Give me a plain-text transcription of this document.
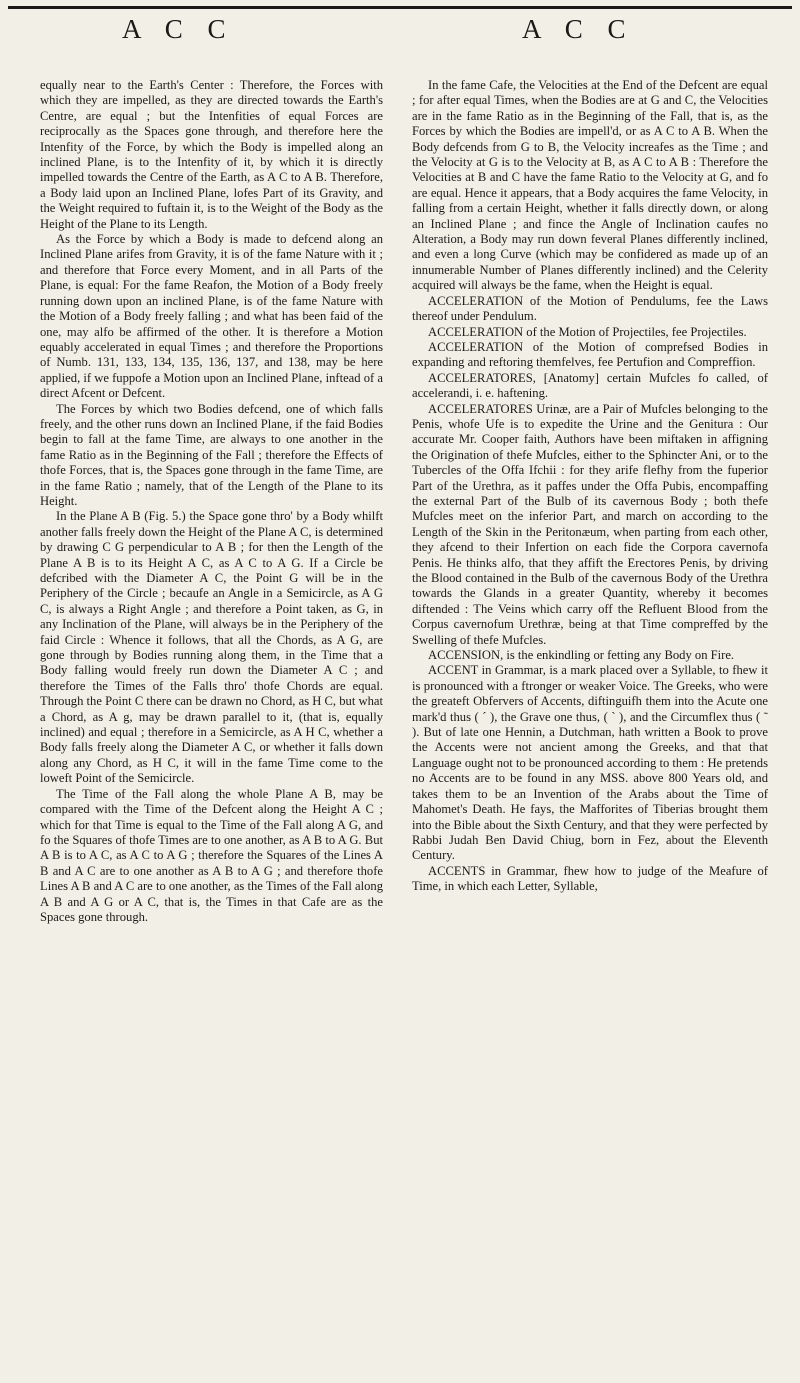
A C C	A C C

equally near to the Earth's Center : Therefore, the Forces with which they are impelled, as they are directed towards the Earth's Centre, are equal ; but the Intenfities of equal Forces are reciprocally as the Spaces gone through, and therefore here the Intenfity of the Force, by which the Body is impelled along an inclined Plane, is to the Intenfity of it, by which it is directly impelled towards the Centre of the Earth, as A C to A B. Therefore, a Body laid upon an Inclined Plane, lofes Part of its Gravity, and the Weight required to fuftain it, is to the Weight of the Body as the Height of the Plane to its Length.

As the Force by which a Body is made to defcend along an Inclined Plane arifes from Gravity, it is of the fame Nature with it ; and therefore that Force every Moment, and in all Parts of the Plane, is equal: For the fame Reafon, the Motion of a Body freely running down upon an inclined Plane, is of the fame Nature with the Motion of a Body freely falling ; and what has been faid of the one, may alfo be affirmed of the other. It is therefore a Motion equably accelerated in equal Times ; and therefore the Proportions of Numb. 131, 133, 134, 135, 136, 137, and 138, may be here applied, if we fuppofe a Motion upon an Inclined Plane, inftead of a direct Afcent or Defcent.

The Forces by which two Bodies defcend, one of which falls freely, and the other runs down an Inclined Plane, if the faid Bodies begin to fall at the fame Time, are always to one another in the fame Ratio as in the Beginning of the Fall ; therefore the Effects of thofe Forces, that is, the Spaces gone through in the fame Time, are in the fame Ratio ; namely, that of the Length of the Plane to its Height.

In the Plane A B (Fig. 5.) the Space gone thro' by a Body whilft another falls freely down the Height of the Plane A C, is determined by drawing C G perpendicular to A B ; for then the Length of the Plane A B is to its Height A C, as A C to A G. If a Circle be defcribed with the Diameter A C, the Point G will be in the Periphery of the Circle ; becaufe an Angle in a Semicircle, as A G C, is always a Right Angle ; and therefore a Point taken, as G, in any Inclination of the Plane, will always be in the Periphery of the faid Circle : Whence it follows, that all the Chords, as A G, are gone through by Bodies running along them, in the Time that a Body falling would freely run down the Diameter A C ; and therefore the Times of the Falls thro' thofe Chords are equal. Through the Point C there can be drawn no Chord, as H C, but what a Chord, as A g, may be drawn parallel to it, (that is, equally inclined) and equal ; therefore in a Semicircle, as A H C, whether a Body falls freely along the Diameter A C, or whether it falls down along any Chord, as H C, it will in the fame Time come to the loweft Point of the Semicircle.

The Time of the Fall along the whole Plane A B, may be compared with the Time of the Defcent along the Height A C ; which for that Time is equal to the Time of the Fall along A G, and fo the Squares of thofe Times are to one another, as A B to A G. But A B is to A C, as A C to A G ; therefore the Squares of the Lines A B and A C are to one another as A B to A G ; and therefore thofe Lines A B and A C are to one another, as the Times of the Fall along A B and A G or A C, that is, the Times in that Cafe are as the Spaces gone through.

In the fame Cafe, the Velocities at the End of the Defcent are equal ; for after equal Times, when the Bodies are at G and C, the Velocities are in the fame Ratio as in the Beginning of the Fall, that is, as the Forces by which the Bodies are impell'd, or as A C to A B. When the Body defcends from G to B, the Velocity increafes as the Time ; and the Velocity at G is to the Velocity at B, as A C to A B : Therefore the Velocities at B and C have the fame Ratio to the Velocity at G, and fo are equal. Hence it appears, that a Body acquires the fame Velocity, in falling from a certain Height, whether it falls directly down, or along an Inclined Plane ; and fince the Angle of Inclination caufes no Alteration, a Body may run down feveral Planes differently inclined, and even a long Curve (which may be confidered as made up of an innumerable Number of Planes differently inclined) and the Celerity acquired will always be the fame, when the Height is equal.

ACCELERATION of the Motion of Pendulums, fee the Laws thereof under Pendulum.

ACCELERATION of the Motion of Projectiles, fee Projectiles.

ACCELERATION of the Motion of comprefsed Bodies in expanding and reftoring themfelves, fee Pertufion and Compreffion.

ACCELERATORES, [Anatomy] certain Mufcles fo called, of accelerandi, i. e. haftening.

ACCELERATORES Urinæ, are a Pair of Mufcles belonging to the Penis, whofe Ufe is to expedite the Urine and the Genitura : Our accurate Mr. Cooper faith, Authors have been miftaken in affigning the Origination of thefe Mufcles, either to the Sphincter Ani, or to the Tubercles of the Offa Ifchii : for they arife flefhy from the fuperior Part of the Urethra, as it paffes under the Offa Pubis, encompaffing the external Part of the Bulb of its cavernous Body ; both thefe Mufcles meet on the inferior Part, and march on according to the Length of the Skin in the Peritonæum, when parting from each other, they afcend to their Infertion on each fide the Corpora cavernofa Penis. He thinks alfo, that they affift the Erectores Penis, by driving the Blood contained in the Bulb of the cavernous Body of the Urethra towards the Glands in a greater Quantity, whereby it becomes diftended : The Veins which carry off the Refluent Blood from the Corpus cavernofum Urethræ, being at that Time compreffed by the Swelling of thefe Mufcles.

ACCENSION, is the enkindling or fetting any Body on Fire.

ACCENT in Grammar, is a mark placed over a Syllable, to fhew it is pronounced with a ftronger or weaker Voice. The Greeks, who were the greateft Obfervers of Accents, diftinguifh them into the Acute one mark'd thus ( ´ ), the Grave one thus, ( ` ), and the Circumflex thus ( ῀ ). But of late one Hennin, a Dutchman, hath written a Book to prove the Accents were not ancient among the Greeks, and that that Language ought not to be pronounced according to them : He pretends no Accents are to be found in any MSS. above 800 Years old, and takes them to be an Invention of the Arabs about the Time of Mahomet's Death. He fays, the Mafforites of Tiberias brought them into the Bible about the Sixth Century, and that they were perfected by Rabbi Judah Ben David Chiug, born in Fez, about the Eleventh Century.

ACCENTS in Grammar, fhew how to judge of the Meafure of Time, in which each Letter, Syllable,
